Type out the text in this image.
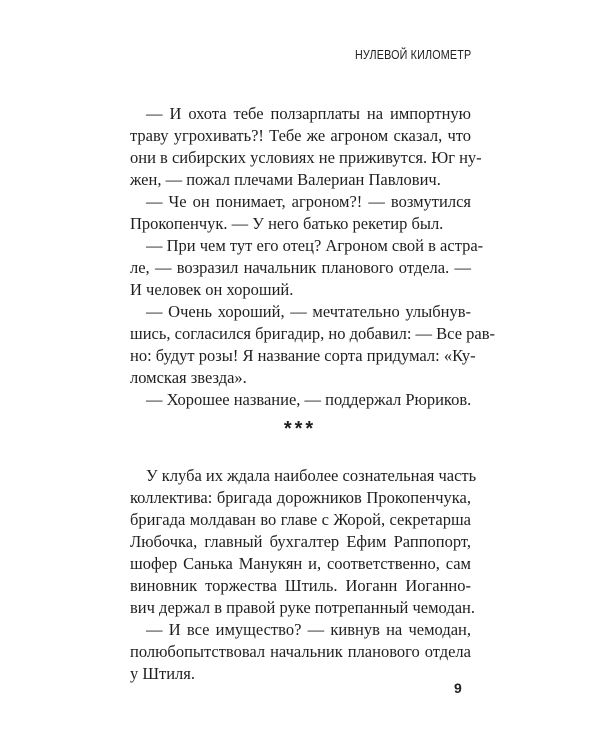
НУЛЕВОЙ КИЛОМЕТР
— И охота тебе ползарплаты на импортную
траву угрохивать?! Тебе же агроном сказал, что
они в сибирских условиях не приживутся. Юг ну-
жен, — пожал плечами Валериан Павлович.
— Че он понимает, агроном?! — возмутился
Прокопенчук. — У него батько рекетир был.
— При чем тут его отец? Агроном свой в астра-
ле, — возразил начальник планового отдела. —
И человек он хороший.
— Очень хороший, — мечтательно улыбнув-
шись, согласился бригадир, но добавил: — Все рав-
но: будут розы! Я название сорта придумал: «Ку-
ломская звезда».
— Хорошее название, — поддержал Рюриков.
***
У клуба их ждала наиболее сознательная часть
коллектива: бригада дорожников Прокопенчука,
бригада молдаван во главе с Жорой, секретарша
Любочка, главный бухгалтер Ефим Раппопорт,
шофер Санька Манукян и, соответственно, сам
виновник торжества Штиль. Иоганн Иоганно-
вич держал в правой руке потрепанный чемодан.
— И все имущество? — кивнув на чемодан,
полюбопытствовал начальник планового отдела
у Штиля.
9
